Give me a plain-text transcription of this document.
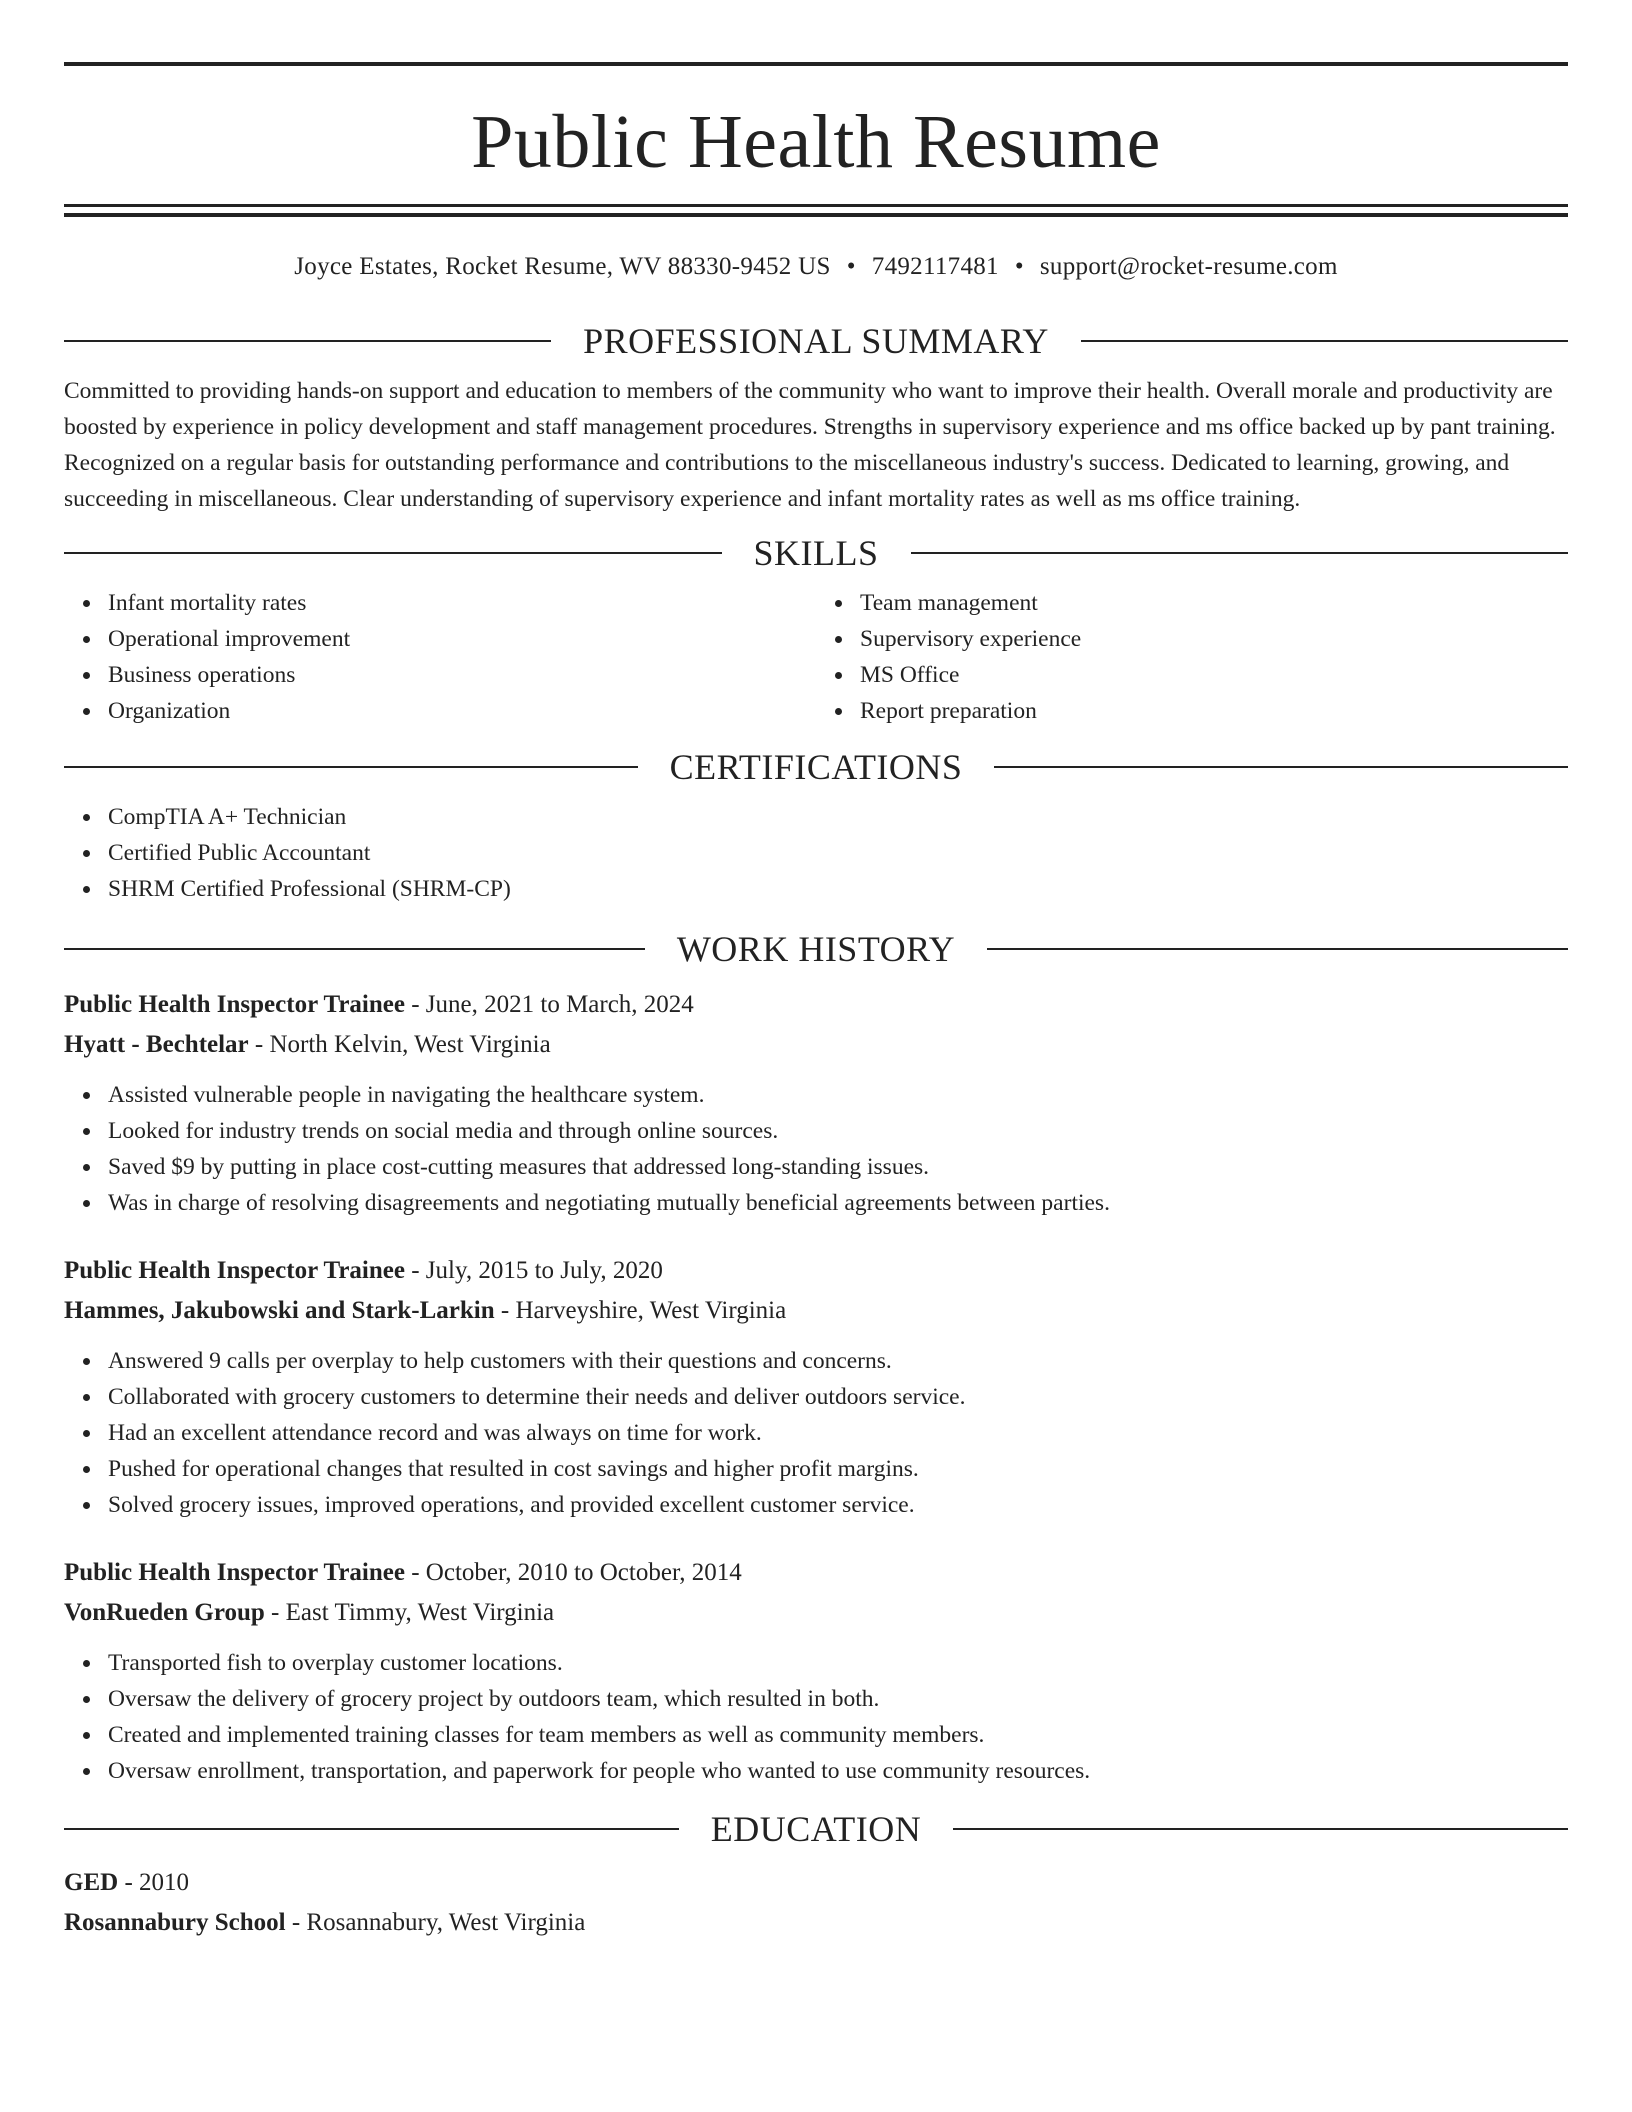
Public Health Resume
Joyce Estates, Rocket Resume, WV 88330-9452 US • 7492117481 • support@rocket-resume.com
PROFESSIONAL SUMMARY

Committed to providing hands-on support and education to members of the community who want to improve their health. Overall morale and productivity are boosted by experience in policy development and staff management procedures. Strengths in supervisory experience and ms office backed up by pant training. Recognized on a regular basis for outstanding performance and contributions to the miscellaneous industry's success. Dedicated to learning, growing, and succeeding in miscellaneous. Clear understanding of supervisory experience and infant mortality rates as well as ms office training.

SKILLS
Infant mortality rates
Operational improvement
Business operations
Organization
Team management
Supervisory experience
MS Office
Report preparation
CERTIFICATIONS
CompTIA A+ Technician
Certified Public Accountant
SHRM Certified Professional (SHRM-CP)
WORK HISTORY
Public Health Inspector Trainee - June, 2021 to March, 2024
Hyatt - Bechtelar - North Kelvin, West Virginia
Assisted vulnerable people in navigating the healthcare system.
Looked for industry trends on social media and through online sources.
Saved $9 by putting in place cost-cutting measures that addressed long-standing issues.
Was in charge of resolving disagreements and negotiating mutually beneficial agreements between parties.
Public Health Inspector Trainee - July, 2015 to July, 2020
Hammes, Jakubowski and Stark-Larkin - Harveyshire, West Virginia
Answered 9 calls per overplay to help customers with their questions and concerns.
Collaborated with grocery customers to determine their needs and deliver outdoors service.
Had an excellent attendance record and was always on time for work.
Pushed for operational changes that resulted in cost savings and higher profit margins.
Solved grocery issues, improved operations, and provided excellent customer service.
Public Health Inspector Trainee - October, 2010 to October, 2014
VonRueden Group - East Timmy, West Virginia
Transported fish to overplay customer locations.
Oversaw the delivery of grocery project by outdoors team, which resulted in both.
Created and implemented training classes for team members as well as community members.
Oversaw enrollment, transportation, and paperwork for people who wanted to use community resources.
EDUCATION
GED - 2010
Rosannabury School - Rosannabury, West Virginia
